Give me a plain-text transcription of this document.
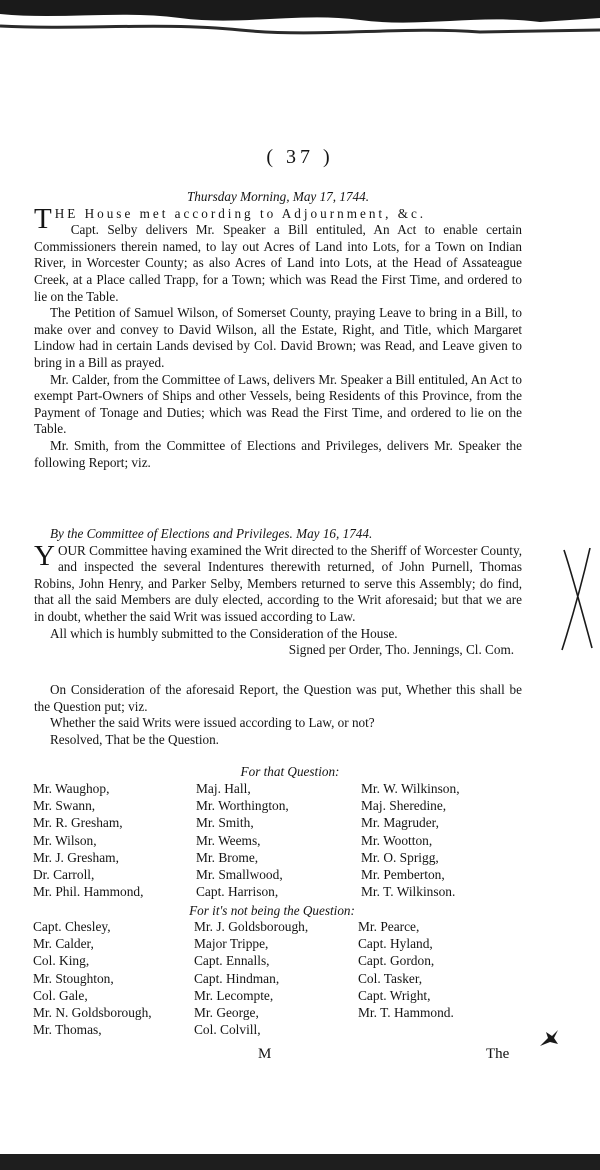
( 37 )

Thursday Morning, May 17, 1744.

THE House met according to Adjournment, &c.

Capt. Selby delivers Mr. Speaker a Bill entituled, An Act to enable certain Commissioners therein named, to lay out Acres of Land into Lots, for a Town on Indian River, in Worcester County; as also Acres of Land into Lots, at the Head of Assateague Creek, at a Place called Trapp, for a Town; which was Read the First Time, and ordered to lie on the Table.

The Petition of Samuel Wilson, of Somerset County, praying Leave to bring in a Bill, to make over and convey to David Wilson, all the Estate, Right, and Title, which Margaret Lindow had in certain Lands devised by Col. David Brown; was Read, and Leave given to bring in a Bill as prayed.

Mr. Calder, from the Committee of Laws, delivers Mr. Speaker a Bill entituled, An Act to exempt Part-Owners of Ships and other Vessels, being Residents of this Province, from the Payment of Tonage and Duties; which was Read the First Time, and ordered to lie on the Table.

Mr. Smith, from the Committee of Elections and Privileges, delivers Mr. Speaker the following Report; viz.

By the Committee of Elections and Privileges. May 16, 1744.

YOUR Committee having examined the Writ directed to the Sheriff of Worcester County, and inspected the several Indentures therewith returned, of John Purnell, Thomas Robins, John Henry, and Parker Selby, Members returned to serve this Assembly; do find, that all the said Members are duly elected, according to the Writ aforesaid; but that we are in doubt, whether the said Writ was issued according to Law.

All which is humbly submitted to the Consideration of the House.

Signed per Order, Tho. Jennings, Cl. Com.

On Consideration of the aforesaid Report, the Question was put, Whether this shall be the Question put; viz.

Whether the said Writs were issued according to Law, or not?

Resolved, That be the Question.

For that Question:
Mr. Waughop,
Mr. Swann,
Mr. R. Gresham,
Mr. Wilson,
Mr. J. Gresham,
Dr. Carroll,
Mr. Phil. Hammond,
Maj. Hall,
Mr. Worthington,
Mr. Smith,
Mr. Weems,
Mr. Brome,
Mr. Smallwood,
Capt. Harrison,
Mr. W. Wilkinson,
Maj. Sheredine,
Mr. Magruder,
Mr. Wootton,
Mr. O. Sprigg,
Mr. Pemberton,
Mr. T. Wilkinson.
For it's not being the Question:
Capt. Chesley,
Mr. Calder,
Col. King,
Mr. Stoughton,
Col. Gale,
Mr. N. Goldsborough,
Mr. Thomas,
Mr. J. Goldsborough,
Major Trippe,
Capt. Ennalls,
Capt. Hindman,
Mr. Lecompte,
Mr. George,
Col. Colvill,
Mr. Pearce,
Capt. Hyland,
Capt. Gordon,
Col. Tasker,
Capt. Wright,
Mr. T. Hammond.
M	The
